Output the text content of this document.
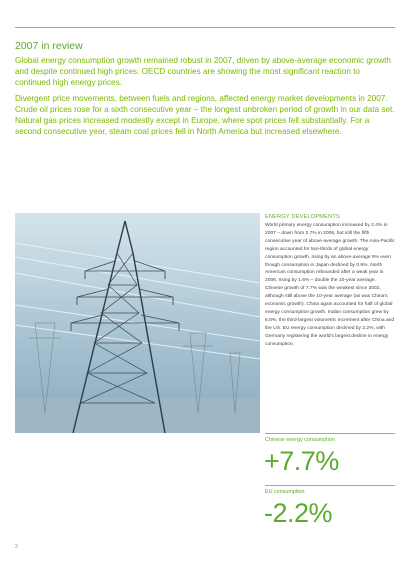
2007 in review

Global energy consumption growth remained robust in 2007, driven by above-average economic growth and despite continued high prices. OECD countries are showing the most significant reaction to continued high energy prices.

Divergent price movements, between fuels and regions, affected energy market developments in 2007. Crude oil prices rose for a sixth consecutive year – the longest unbroken period of growth in our data set. Natural gas prices increased modestly except in Europe, where spot prices fell substantially. For a second consecutive year, steam coal prices fell in North America but increased elsewhere.

ENERGY DEVELOPMENTS

World primary energy consumption increased by 2.4% in 2007 – down from 2.7% in 2006, but still the fifth consecutive year of above-average growth. The Asia-Pacific region accounted for two-thirds of global energy consumption growth, rising by an above-average 5% even though consumption in Japan declined by 0.9%. North American consumption rebounded after a weak year in 2006, rising by 1.6% – double the 10-year average. Chinese growth of 7.7% was the weakest since 2002, although still above the 10-year average (as was China's economic growth). China again accounted for half of global energy consumption growth. Indian consumption grew by 6.8%, the third-largest volumetric increment after China and the US. EU energy consumption declined by 2.2%, with Germany registering the world's largest decline in energy consumption.

Chinese energy consumption

+7.7%

EU consumption

-2.2%

2
